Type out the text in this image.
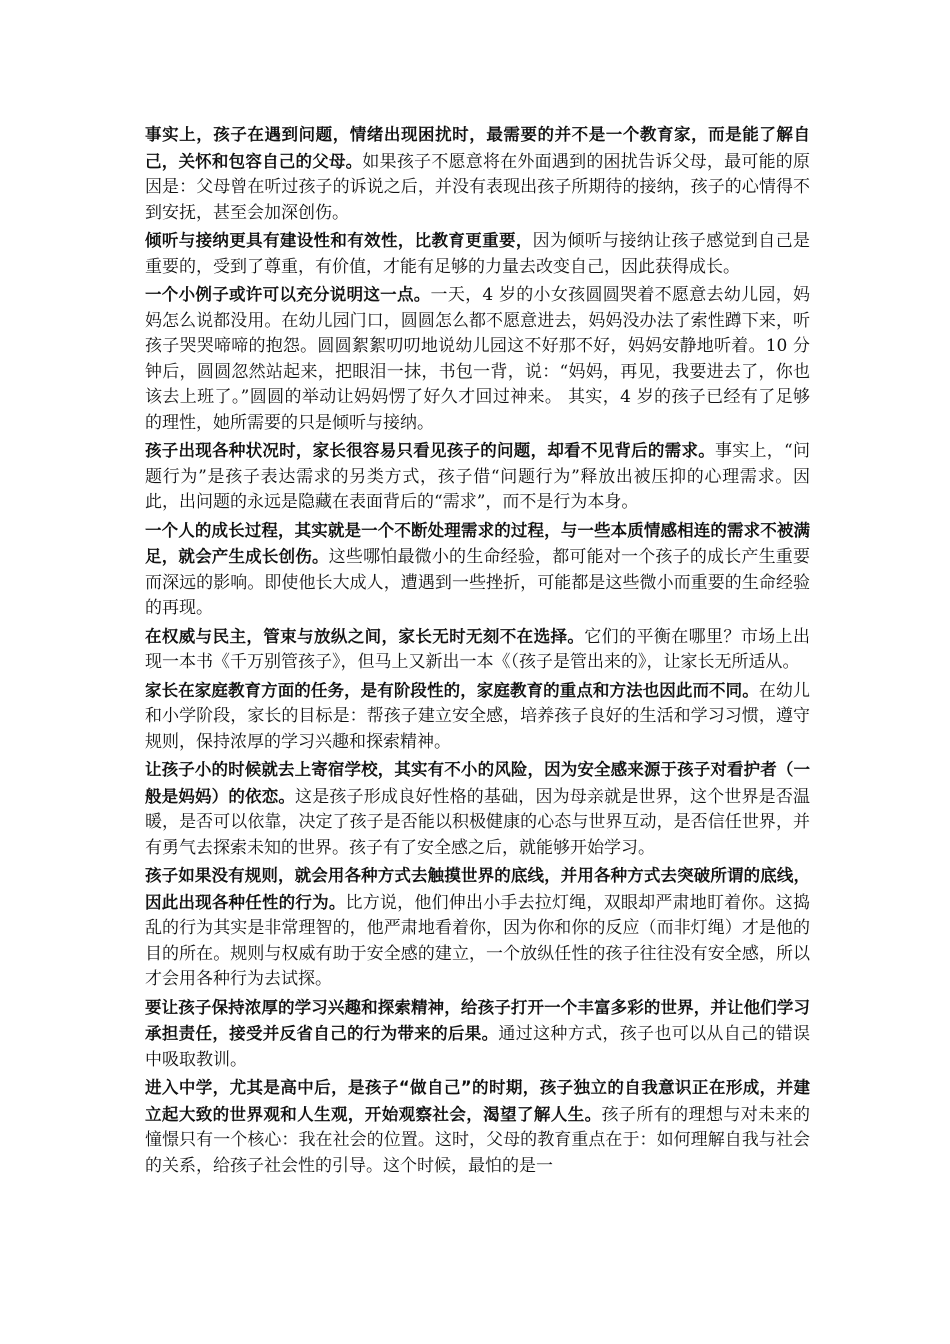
事实上，孩子在遇到问题，情绪出现困扰时，最需要的并不是一个教育家，而是能了解自己，关怀和包容自己的父母。如果孩子不愿意将在外面遇到的困扰告诉父母，最可能的原因是：父母曾在听过孩子的诉说之后，并没有表现出孩子所期待的接纳，孩子的心情得不到安抚，甚至会加深创伤。

倾听与接纳更具有建设性和有效性，比教育更重要，因为倾听与接纳让孩子感觉到自己是重要的，受到了尊重，有价值，才能有足够的力量去改变自己，因此获得成长。

一个小例子或许可以充分说明这一点。一天，4 岁的小女孩圆圆哭着不愿意去幼儿园，妈妈怎么说都没用。在幼儿园门口，圆圆怎么都不愿意进去，妈妈没办法了索性蹲下来，听孩子哭哭啼啼的抱怨。圆圆絮絮叨叨地说幼儿园这不好那不好，妈妈安静地听着。10 分钟后，圆圆忽然站起来，把眼泪一抹，书包一背，说：“妈妈，再见，我要进去了，你也该去上班了。”圆圆的举动让妈妈愣了好久才回过神来。 其实，4 岁的孩子已经有了足够的理性，她所需要的只是倾听与接纳。

孩子出现各种状况时，家长很容易只看见孩子的问题，却看不见背后的需求。事实上，“问题行为”是孩子表达需求的另类方式，孩子借“问题行为”释放出被压抑的心理需求。因此，出问题的永远是隐藏在表面背后的“需求”，而不是行为本身。

一个人的成长过程，其实就是一个不断处理需求的过程，与一些本质情感相连的需求不被满足，就会产生成长创伤。这些哪怕最微小的生命经验，都可能对一个孩子的成长产生重要而深远的影响。即使他长大成人，遭遇到一些挫折，可能都是这些微小而重要的生命经验的再现。

在权威与民主，管束与放纵之间，家长无时无刻不在选择。它们的平衡在哪里？市场上出现一本书《千万别管孩子》，但马上又新出一本《（孩子是管出来的》，让家长无所适从。

家长在家庭教育方面的任务，是有阶段性的，家庭教育的重点和方法也因此而不同。在幼儿和小学阶段，家长的目标是：帮孩子建立安全感，培养孩子良好的生活和学习习惯，遵守规则，保持浓厚的学习兴趣和探索精神。

让孩子小的时候就去上寄宿学校，其实有不小的风险，因为安全感来源于孩子对看护者（一般是妈妈）的依恋。这是孩子形成良好性格的基础，因为母亲就是世界，这个世界是否温暖，是否可以依靠，决定了孩子是否能以积极健康的心态与世界互动，是否信任世界，并有勇气去探索未知的世界。孩子有了安全感之后，就能够开始学习。

孩子如果没有规则，就会用各种方式去触摸世界的底线，并用各种方式去突破所谓的底线，因此出现各种任性的行为。比方说，他们伸出小手去拉灯绳，双眼却严肃地盯着你。这捣乱的行为其实是非常理智的，他严肃地看着你，因为你和你的反应（而非灯绳）才是他的目的所在。规则与权威有助于安全感的建立，一个放纵任性的孩子往往没有安全感，所以才会用各种行为去试探。

要让孩子保持浓厚的学习兴趣和探索精神，给孩子打开一个丰富多彩的世界，并让他们学习承担责任，接受并反省自己的行为带来的后果。通过这种方式，孩子也可以从自己的错误中吸取教训。

进入中学，尤其是高中后，是孩子“做自己”的时期，孩子独立的自我意识正在形成，并建立起大致的世界观和人生观，开始观察社会，渴望了解人生。孩子所有的理想与对未来的憧憬只有一个核心：我在社会的位置。这时，父母的教育重点在于：如何理解自我与社会的关系，给孩子社会性的引导。这个时候，最怕的是一
